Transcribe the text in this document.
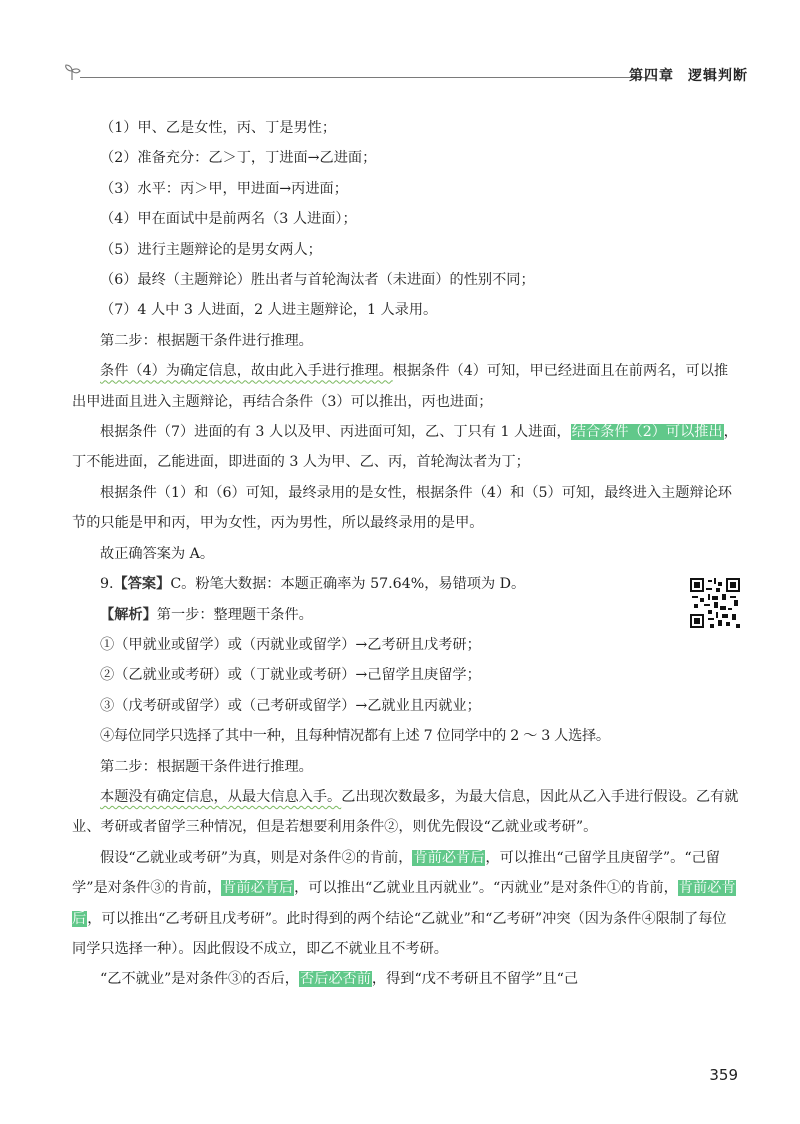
第四章 逻辑判断

（1）甲、乙是女性，丙、丁是男性；

（2）准备充分：乙＞丁，丁进面→乙进面；

（3）水平：丙＞甲，甲进面→丙进面；

（4）甲在面试中是前两名（3 人进面）；

（5）进行主题辩论的是男女两人；

（6）最终（主题辩论）胜出者与首轮淘汰者（未进面）的性别不同；

（7）4 人中 3 人进面，2 人进主题辩论，1 人录用。

第二步：根据题干条件进行推理。

条件（4）为确定信息，故由此入手进行推理。根据条件（4）可知，甲已经进面且在前两名，可以推出甲进面且进入主题辩论，再结合条件（3）可以推出，丙也进面；

根据条件（7）进面的有 3 人以及甲、丙进面可知，乙、丁只有 1 人进面，结合条件（2）可以推出，丁不能进面，乙能进面，即进面的 3 人为甲、乙、丙，首轮淘汰者为丁；

根据条件（1）和（6）可知，最终录用的是女性，根据条件（4）和（5）可知，最终进入主题辩论环节的只能是甲和丙，甲为女性，丙为男性，所以最终录用的是甲。

故正确答案为 A。

9.【答案】C。粉笔大数据：本题正确率为 57.64%，易错项为 D。

【解析】第一步：整理题干条件。

①（甲就业或留学）或（丙就业或留学）→乙考研且戊考研；

②（乙就业或考研）或（丁就业或考研）→己留学且庚留学；

③（戊考研或留学）或（己考研或留学）→乙就业且丙就业；

④每位同学只选择了其中一种，且每种情况都有上述 7 位同学中的 2 ～ 3 人选择。

第二步：根据题干条件进行推理。

本题没有确定信息，从最大信息入手。乙出现次数最多，为最大信息，因此从乙入手进行假设。乙有就业、考研或者留学三种情况，但是若想要利用条件②，则优先假设“乙就业或考研”。

假设“乙就业或考研”为真，则是对条件②的肯前，肯前必肯后，可以推出“己留学且庚留学”。“己留学”是对条件③的肯前，肯前必肯后，可以推出“乙就业且丙就业”。“丙就业”是对条件①的肯前，肯前必肯后，可以推出“乙考研且戊考研”。此时得到的两个结论“乙就业”和“乙考研”冲突（因为条件④限制了每位同学只选择一种）。因此假设不成立，即乙不就业且不考研。

“乙不就业”是对条件③的否后，否后必否前，得到“戊不考研且不留学”且“己

359
